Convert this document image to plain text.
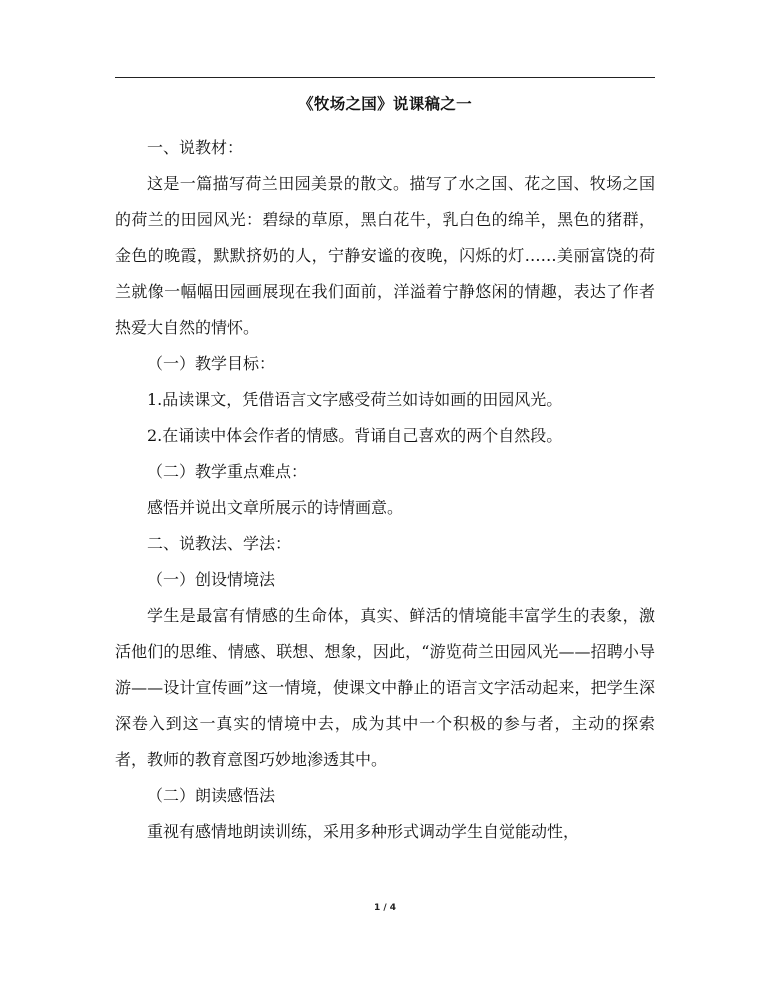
《牧场之国》说课稿之一

一、说教材：

这是一篇描写荷兰田园美景的散文。描写了水之国、花之国、牧场之国的荷兰的田园风光：碧绿的草原，黑白花牛，乳白色的绵羊，黑色的猪群，金色的晚霞，默默挤奶的人，宁静安谧的夜晚，闪烁的灯……美丽富饶的荷兰就像一幅幅田园画展现在我们面前，洋溢着宁静悠闲的情趣，表达了作者热爱大自然的情怀。

（一）教学目标：

1.品读课文，凭借语言文字感受荷兰如诗如画的田园风光。

2.在诵读中体会作者的情感。背诵自己喜欢的两个自然段。

（二）教学重点难点：

感悟并说出文章所展示的诗情画意。

二、说教法、学法：

（一）创设情境法

学生是最富有情感的生命体，真实、鲜活的情境能丰富学生的表象，激活他们的思维、情感、联想、想象，因此，“游览荷兰田园风光——招聘小导游——设计宣传画”这一情境，使课文中静止的语言文字活动起来，把学生深深卷入到这一真实的情境中去，成为其中一个积极的参与者，主动的探索者，教师的教育意图巧妙地渗透其中。

（二）朗读感悟法

重视有感情地朗读训练，采用多种形式调动学生自觉能动性，

1 / 4
